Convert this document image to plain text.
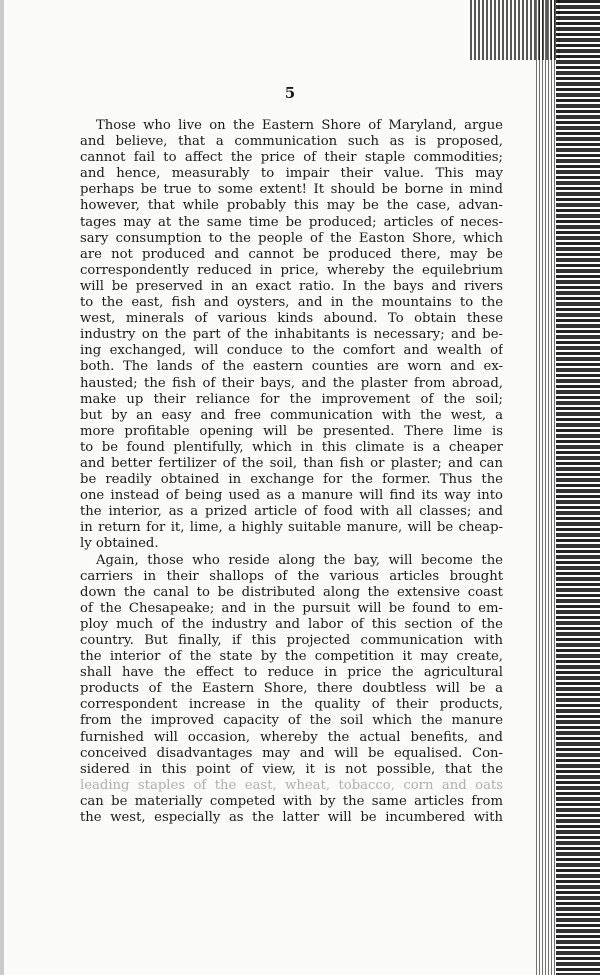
5
Those who live on the Eastern Shore of Maryland, argue
and believe, that a communication such as is proposed,
cannot fail to affect the price of their staple commodities;
and hence, measurably to impair their value. This may
perhaps be true to some extent! It should be borne in mind
however, that while probably this may be the case, advan-
tages may at the same time be produced; articles of neces-
sary consumption to the people of the Easton Shore, which
are not produced and cannot be produced there, may be
correspondently reduced in price, whereby the equilebrium
will be preserved in an exact ratio. In the bays and rivers
to the east, fish and oysters, and in the mountains to the
west, minerals of various kinds abound. To obtain these
industry on the part of the inhabitants is necessary; and be-
ing exchanged, will conduce to the comfort and wealth of
both. The lands of the eastern counties are worn and ex-
hausted; the fish of their bays, and the plaster from abroad,
make up their reliance for the improvement of the soil;
but by an easy and free communication with the west, a
more profitable opening will be presented. There lime is
to be found plentifully, which in this climate is a cheaper
and better fertilizer of the soil, than fish or plaster; and can
be readily obtained in exchange for the former. Thus the
one instead of being used as a manure will find its way into
the interior, as a prized article of food with all classes; and
in return for it, lime, a highly suitable manure, will be cheap-
ly obtained.
Again, those who reside along the bay, will become the
carriers in their shallops of the various articles brought
down the canal to be distributed along the extensive coast
of the Chesapeake; and in the pursuit will be found to em-
ploy much of the industry and labor of this section of the
country. But finally, if this projected communication with
the interior of the state by the competition it may create,
shall have the effect to reduce in price the agricultural
products of the Eastern Shore, there doubtless will be a
correspondent increase in the quality of their products,
from the improved capacity of the soil which the manure
furnished will occasion, whereby the actual benefits, and
conceived disadvantages may and will be equalised. Con-
sidered in this point of view, it is not possible, that the
leading staples of the east, wheat, tobacco, corn and oats
can be materially competed with by the same articles from
the west, especially as the latter will be incumbered with
